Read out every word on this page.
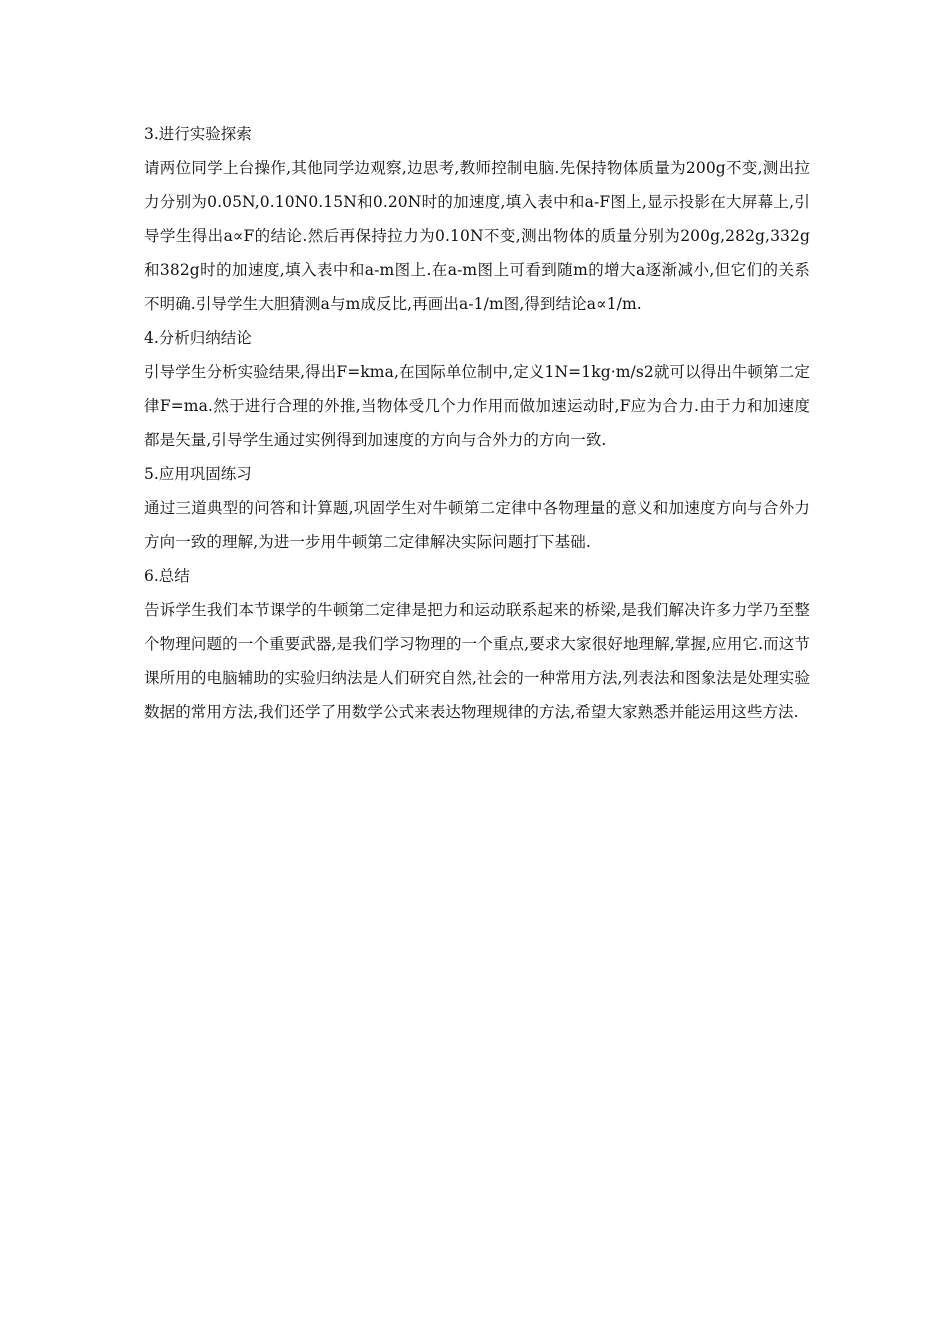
3.进行实验探索

请两位同学上台操作,其他同学边观察,边思考,教师控制电脑.先保持物体质量为200g不变,测出拉力分别为0.05N,0.10N0.15N和0.20N时的加速度,填入表中和a-F图上,显示投影在大屏幕上,引导学生得出a∝F的结论.然后再保持拉力为0.10N不变,测出物体的质量分别为200g,282g,332g和382g时的加速度,填入表中和a-m图上.在a-m图上可看到随m的增大a逐渐减小,但它们的关系不明确.引导学生大胆猜测a与m成反比,再画出a-1/m图,得到结论a∝1/m.

4.分析归纳结论

引导学生分析实验结果,得出F=kma,在国际单位制中,定义1N=1kg·m/s2就可以得出牛顿第二定律F=ma.然于进行合理的外推,当物体受几个力作用而做加速运动时,F应为合力.由于力和加速度都是矢量,引导学生通过实例得到加速度的方向与合外力的方向一致.

5.应用巩固练习

通过三道典型的问答和计算题,巩固学生对牛顿第二定律中各物理量的意义和加速度方向与合外力方向一致的理解,为进一步用牛顿第二定律解决实际问题打下基础.

6.总结

告诉学生我们本节课学的牛顿第二定律是把力和运动联系起来的桥梁,是我们解决许多力学乃至整个物理问题的一个重要武器,是我们学习物理的一个重点,要求大家很好地理解,掌握,应用它.而这节课所用的电脑辅助的实验归纳法是人们研究自然,社会的一种常用方法,列表法和图象法是处理实验数据的常用方法,我们还学了用数学公式来表达物理规律的方法,希望大家熟悉并能运用这些方法.
